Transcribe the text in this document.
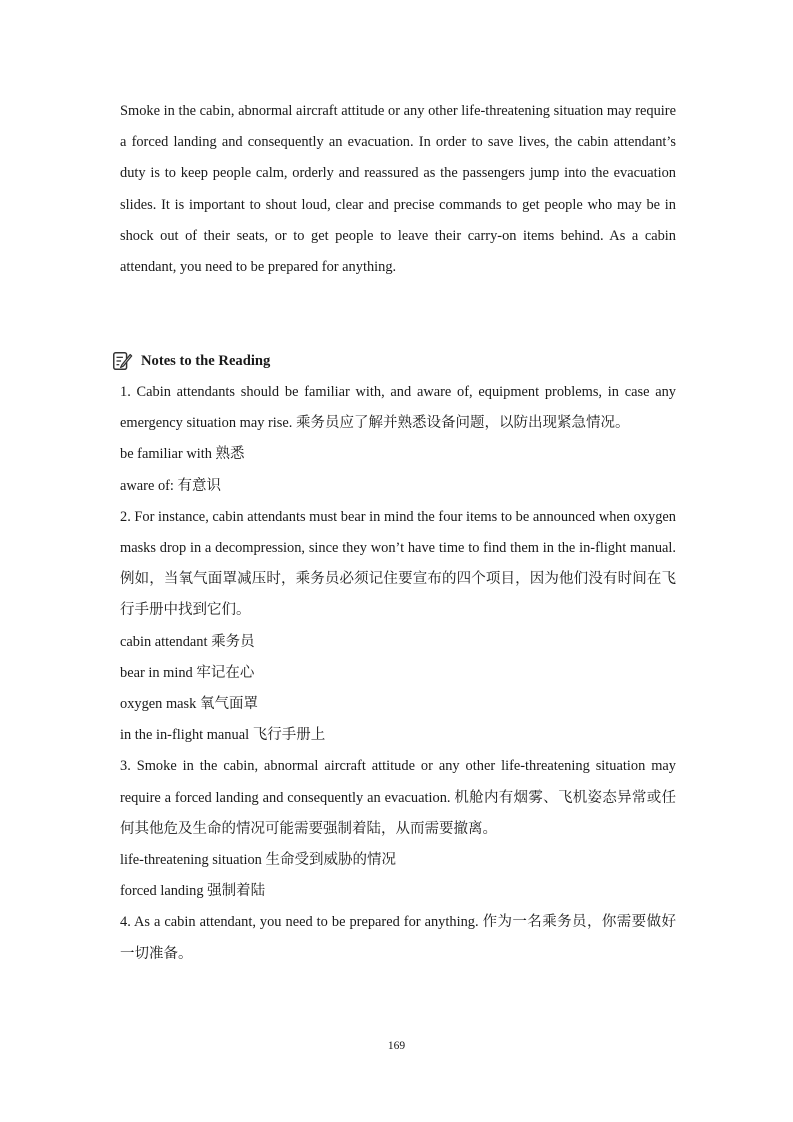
Smoke in the cabin, abnormal aircraft attitude or any other life-threatening situation may require a forced landing and consequently an evacuation. In order to save lives, the cabin attendant’s duty is to keep people calm, orderly and reassured as the passengers jump into the evacuation slides. It is important to shout loud, clear and precise commands to get people who may be in shock out of their seats, or to get people to leave their carry-on items behind. As a cabin attendant, you need to be prepared for anything.

Notes to the Reading

1. Cabin attendants should be familiar with, and aware of, equipment problems, in case any emergency situation may rise. 乘务员应了解并熟悉设备问题，以防出现紧急情况。

be familiar with 熟悉

aware of: 有意识

2. For instance, cabin attendants must bear in mind the four items to be announced when oxygen masks drop in a decompression, since they won’t have time to find them in the in-flight manual. 例如，当氧气面罩减压时，乘务员必须记住要宣布的四个项目，因为他们没有时间在飞行手册中找到它们。

cabin attendant 乘务员

bear in mind 牢记在心

oxygen mask 氧气面罩

in the in-flight manual 飞行手册上

3. Smoke in the cabin, abnormal aircraft attitude or any other life-threatening situation may require a forced landing and consequently an evacuation. 机舱内有烟雾、飞机姿态异常或任何其他危及生命的情况可能需要强制着陆，从而需要撤离。

life-threatening situation 生命受到威胁的情况

forced landing 强制着陆

4. As a cabin attendant, you need to be prepared for anything. 作为一名乘务员，你需要做好一切准备。

169
